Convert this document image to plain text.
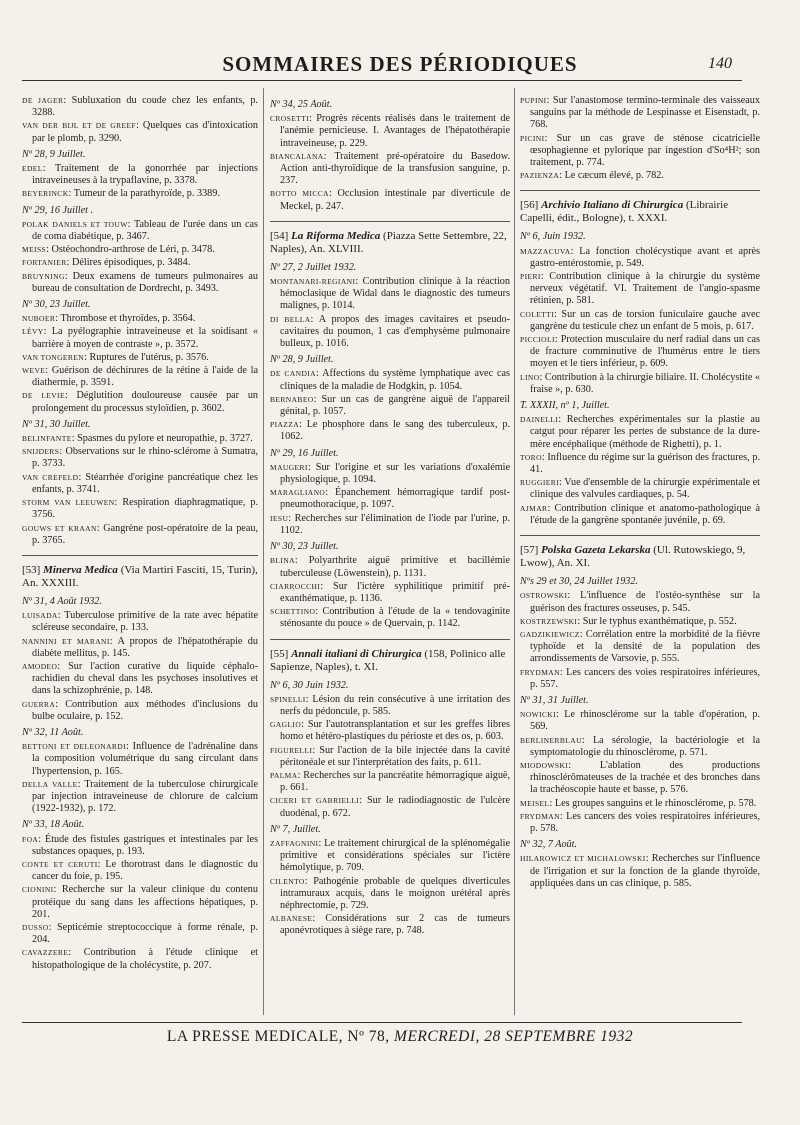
SOMMAIRES DES PÉRIODIQUES	140

DE JAGER: Subluxation du coude chez les enfants, p. 3288.

VAN DER BIJL ET DE GREEF: Quelques cas d'intoxication par le plomb, p. 3290.

Nº 28, 9 Juillet.

EDEL: Traitement de la gonorrhée par injections intraveineuses à la trypaflavine, p. 3378.

BEYERINCK: Tumeur de la parathyroïde, p. 3389.

Nº 29, 16 Juillet .

POLAK DANIELS ET TOUW: Tableau de l'urée dans un cas de coma diabétique, p. 3467.

MEISS: Ostéochondro-arthrose de Léri, p. 3478.

FORTANIER: Délires épisodiques, p. 3484.

BRUYNING: Deux examens de tumeurs pulmonaires au bureau de consultation de Dordrecht, p. 3493.

Nº 30, 23 Juillet.

NUBOER: Thrombose et thyroïdes, p. 3564.

LÉVY: La pyélographie intraveineuse et la soidisant « barrière à moyen de contraste », p. 3572.

VAN TONGEREN: Ruptures de l'utérus, p. 3576.

WEVE: Guérison de déchirures de la rétine à l'aide de la diathermie, p. 3591.

DE LEVIE: Déglutition douloureuse causée par un prolongement du processus styloïdien, p. 3602.

Nº 31, 30 Juillet.

BELINFANTE: Spasmes du pylore et neuropathie, p. 3727.

SNIJDERS: Observations sur le rhino-sclérome à Sumatra, p. 3733.

VAN CREFELD: Stéarrhée d'origine pancréatique chez les enfants, p. 3741.

STORM VAN LEEUWEN: Respiration diaphragmatique, p. 3756.

GOUWS ET KRAAN: Gangrène post-opératoire de la peau, p. 3765.

[53] Minerva Medica (Via Martiri Fasciti, 15, Turin), An. XXXIII.
Nº 31, 4 Août 1932.

LUISADA: Tuberculose primitive de la rate avec hépatite scléreuse secondaire, p. 133.

NANNINI ET MARANI: A propos de l'hépatothérapie du diabète mellitus, p. 145.

AMODEO: Sur l'action curative du liquide céphalo-rachidien du cheval dans les psychoses insolutives et dans la schizophrénie, p. 148.

GUERRA: Contribution aux méthodes d'inclusions du bulbe oculaire, p. 152.

Nº 32, 11 Août.

BETTONI ET DELEONARDI: Influence de l'adrénaline dans la composition volumétrique du sang circulant dans l'hypertension, p. 165.

DELLA VALLE: Traitement de la tuberculose chirurgicale par injection intraveineuse de chlorure de calcium (1922-1932), p. 172.

Nº 33, 18 Août.

FOA: Étude des fistules gastriques et intestinales par les substances opaques, p. 193.

CONTE ET CERUTI: Le thorotrast dans le diagnostic du cancer du foie, p. 195.

CIONINI: Recherche sur la valeur clinique du contenu protéique du sang dans les affections hépatiques, p. 201.

DUSSO: Septicémie streptococcique à forme rénale, p. 204.

CAVAZZERE: Contribution à l'étude clinique et histopathologique de la cholécystite, p. 207.

Nº 34, 25 Août.

CROSETTI: Progrès récents réalisés dans le traitement de l'anémie pernicieuse. I. Avantages de l'hépatothérapie intraveineuse, p. 229.

BIANCALANA: Traitement pré-opératoire du Basedow. Action anti-thyroïdique de la transfusion sanguine, p. 237.

BOTTO MICCA: Occlusion intestinale par diverticule de Meckel, p. 247.

[54] La Riforma Medica (Piazza Sette Settembre, 22, Naples), An. XLVIII.
Nº 27, 2 Juillet 1932.

MONTANARI-REGIANI: Contribution clinique à la réaction hémoclasique de Widal dans le diagnostic des tumeurs malignes, p. 1014.

DI BELLA: A propos des images cavitaires et pseudo-cavitaires du poumon, 1 cas d'emphysème pulmonaire bulleux, p. 1016.

Nº 28, 9 Juillet.

DE CANDIA: Affections du système lymphatique avec cas cliniques de la maladie de Hodgkin, p. 1054.

BERNABEO: Sur un cas de gangrène aiguë de l'appareil génital, p. 1057.

PIAZZA: Le phosphore dans le sang des tuberculeux, p. 1062.

Nº 29, 16 Juillet.

MAUGERI: Sur l'origine et sur les variations d'oxalémie physiologique, p. 1094.

MARAGLIANO: Épanchement hémorragique tardif post-pneumothoracique, p. 1097.

IESU: Recherches sur l'élimination de l'iode par l'urine, p. 1102.

Nº 30, 23 Juillet.

BLINA: Polyarthrite aiguë primitive et bacillémie tuberculeuse (Löwenstein), p. 1131.

CIARROCCHI: Sur l'ictère syphilitique primitif pré-exanthématique, p. 1136.

SCHETTINO: Contribution à l'étude de la « tendovaginite sténosante du pouce » de Quervain, p. 1142.

[55] Annali italiani di Chirurgica (158, Polinico alle Sapienze, Naples), t. XI.
Nº 6, 30 Juin 1932.

SPINELLI: Lésion du rein consécutive à une irritation des nerfs du pédoncule, p. 585.

GAGLIO: Sur l'autotransplantation et sur les greffes libres homo et hétéro-plastiques du périoste et des os, p. 603.

FIGURELLI: Sur l'action de la bile injectée dans la cavité péritonéale et sur l'interprétation des faits, p. 611.

PALMA: Recherches sur la pancréatite hémorragique aiguë, p. 661.

CICERI ET GABRIELLI: Sur le radiodiagnostic de l'ulcère duodénal, p. 672.

Nº 7, Juillet.

ZAFFAGNINI: Le traitement chirurgical de la splénomégalie primitive et considérations spéciales sur l'ictère hémolytique, p. 709.

CILENTO: Pathogénie probable de quelques diverticules intramuraux acquis, dans le moignon urétéral après néphrectomie, p. 729.

ALBANESE: Considérations sur 2 cas de tumeurs aponévrotiques à siège rare, p. 748.

PUPINI: Sur l'anastomose termino-terminale des vaisseaux sanguins par la méthode de Lespinasse et Eisenstadt, p. 768.

PICINI: Sur un cas grave de sténose cicatricielle œsophagienne et pylorique par ingestion d'So⁴H²; son traitement, p. 774.

PAZIENZA: Le cæcum élevé, p. 782.

[56] Archivio Italiano di Chirurgica (Librairie Capelli, édit., Bologne), t. XXXI.
Nº 6, Juin 1932.

MAZZACUVA: La fonction cholécystique avant et après gastro-entérostomie, p. 549.

PIERI: Contribution clinique à la chirurgie du système nerveux végétatif. VI. Traitement de l'angio-spasme rétinien, p. 581.

COLETTI: Sur un cas de torsion funiculaire gauche avec gangrène du testicule chez un enfant de 5 mois, p. 617.

PICCIOLI: Protection musculaire du nerf radial dans un cas de fracture comminutive de l'humérus entre le tiers moyen et le tiers inférieur, p. 609.

LINO: Contribution à la chirurgie biliaire. II. Cholécystite « fraise », p. 630.

T. XXXII, nº 1, Juillet.

DAINELLI: Recherches expérimentales sur la plastie au catgut pour réparer les pertes de substance de la dure-mère encéphalique (méthode de Righetti), p. 1.

TORO: Influence du régime sur la guérison des fractures, p. 41.

RUGGIERI: Vue d'ensemble de la chirurgie expérimentale et clinique des valvules cardiaques, p. 54.

AJMAR: Contribution clinique et anatomo-pathologique à l'étude de la gangrène spontanée juvénile, p. 69.

[57] Polska Gazeta Lekarska (Ul. Rutowskiego, 9, Lwow), An. XI.
Nºs 29 et 30, 24 Juillet 1932.

OSTROWSKI: L'influence de l'ostéo-synthèse sur la guérison des fractures osseuses, p. 545.

KOSTRZEWSKI: Sur le typhus exanthématique, p. 552.

GADZIKIEWICZ: Corrélation entre la morbidité de la fièvre typhoïde et la densité de la population des arrondissements de Varsovie, p. 555.

FRYDMAN: Les cancers des voies respiratoires inférieures, p. 557.

Nº 31, 31 Juillet.

NOWICKI: Le rhinosclérome sur la table d'opération, p. 569.

BERLINERBLAU: La sérologie, la bactériologie et la symptomatologie du rhinosclérome, p. 571.

MIODOWSKI: L'ablation des productions rhinosclérômateuses de la trachée et des bronches dans la trachéoscopie haute et basse, p. 576.

MEISEL: Les groupes sanguins et le rhinosclérome, p. 578.

FRYDMAN: Les cancers des voies respiratoires inférieures, p. 578.

Nº 32, 7 Août.

HILAROWICZ ET MICHALOWSKI: Recherches sur l'influence de l'irrigation et sur la fonction de la glande thyroïde, appliquées dans un cas clinique, p. 585.

LA PRESSE MEDICALE, Nº 78, MERCREDI, 28 SEPTEMBRE 1932
